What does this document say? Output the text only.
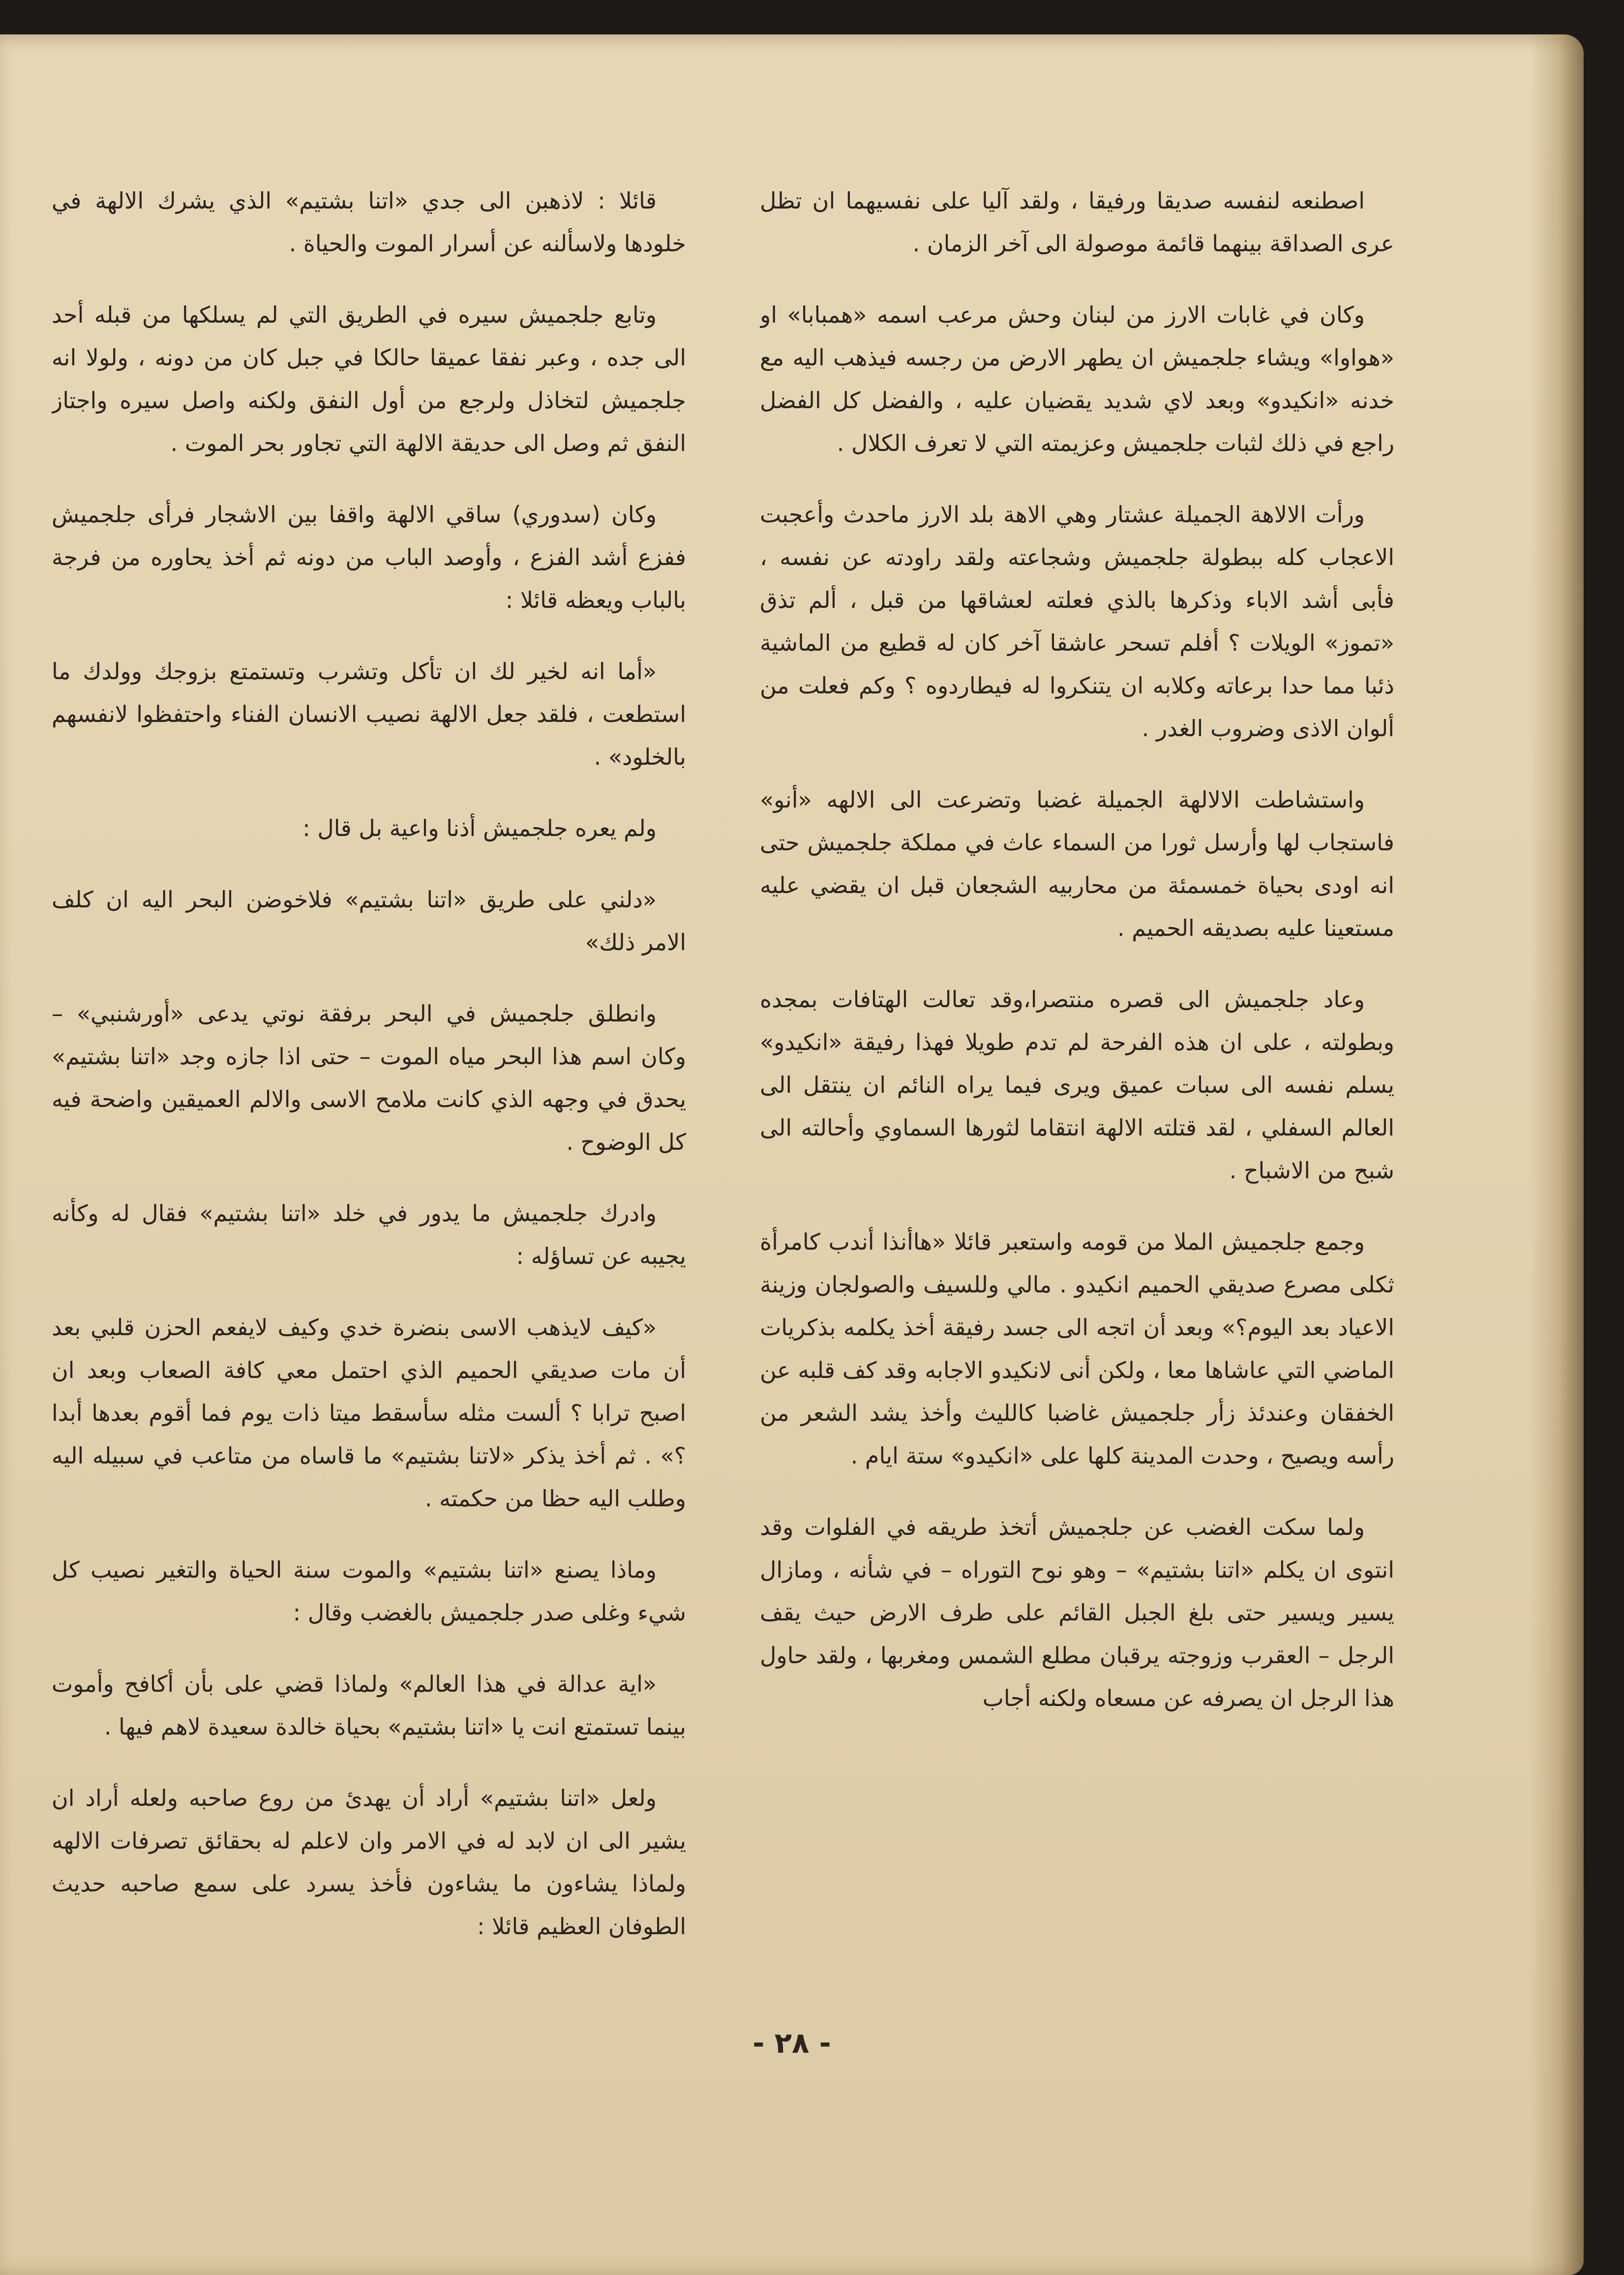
اصطنعه لنفسه صديقا ورفيقا ، ولقد آليا على نفسيهما ان تظل عرى الصداقة بينهما قائمة موصولة الى آخر الزمان .

وكان في غابات الارز من لبنان وحش مرعب اسمه «همبابا» او «هواوا» ويشاء جلجميش ان يطهر الارض من رجسه فيذهب اليه مع خدنه «انكيدو» وبعد لاي شديد يقضيان عليه ، والفضل كل الفضل راجع في ذلك لثبات جلجميش وعزيمته التي لا تعرف الكلال .

ورأت الالاهة الجميلة عشتار وهي الاهة بلد الارز ماحدث وأعجبت الاعجاب كله ببطولة جلجميش وشجاعته ولقد راودته عن نفسه ، فأبى أشد الاباء وذكرها بالذي فعلته لعشاقها من قبل ، ألم تذق «تموز» الويلات ؟ أفلم تسحر عاشقا آخر كان له قطيع من الماشية ذئبا مما حدا برعاته وكلابه ان يتنكروا له فيطاردوه ؟ وكم فعلت من ألوان الاذى وضروب الغدر .

واستشاطت الالالهة الجميلة غضبا وتضرعت الى الالهه «أنو» فاستجاب لها وأرسل ثورا من السماء عاث في مملكة جلجميش حتى انه اودى بحياة خمسمئة من محاربيه الشجعان قبل ان يقضي عليه مستعينا عليه بصديقه الحميم .

وعاد جلجميش الى قصره منتصرا،وقد تعالت الهتافات بمجده وبطولته ، على ان هذه الفرحة لم تدم طويلا فهذا رفيقة «انكيدو» يسلم نفسه الى سبات عميق ويرى فيما يراه النائم ان ينتقل الى العالم السفلي ، لقد قتلته الالهة انتقاما لثورها السماوي وأحالته الى شبح من الاشباح .

وجمع جلجميش الملا من قومه واستعبر قائلا «هاأنذا أندب كامرأة ثكلى مصرع صديقي الحميم انكيدو . مالي وللسيف والصولجان وزينة الاعياد بعد اليوم؟» وبعد أن اتجه الى جسد رفيقة أخذ يكلمه بذكريات الماضي التي عاشاها معا ، ولكن أنى لانكيدو الاجابه وقد كف قلبه عن الخفقان وعندئذ زأر جلجميش غاضبا كالليث وأخذ يشد الشعر من رأسه ويصيح ، وحدت المدينة كلها على «انكيدو» ستة ايام .

ولما سكت الغضب عن جلجميش أتخذ طريقه في الفلوات وقد انتوى ان يكلم «اتنا بشتيم» – وهو نوح التوراه – في شأنه ، ومازال يسير ويسير حتى بلغ الجبل القائم على طرف الارض حيث يقف الرجل – العقرب وزوجته يرقبان مطلع الشمس ومغربها ، ولقد حاول هذا الرجل ان يصرفه عن مسعاه ولكنه أجاب

قائلا : لاذهبن الى جدي «اتنا بشتيم» الذي يشرك الالهة في خلودها ولاسألنه عن أسرار الموت والحياة .

وتابع جلجميش سيره في الطريق التي لم يسلكها من قبله أحد الى جده ، وعبر نفقا عميقا حالكا في جبل كان من دونه ، ولولا انه جلجميش لتخاذل ولرجع من أول النفق ولكنه واصل سيره واجتاز النفق ثم وصل الى حديقة الالهة التي تجاور بحر الموت .

وكان (سدوري) ساقي الالهة واقفا بين الاشجار فرأى جلجميش ففزع أشد الفزع ، وأوصد الباب من دونه ثم أخذ يحاوره من فرجة بالباب ويعظه قائلا :

«أما انه لخير لك ان تأكل وتشرب وتستمتع بزوجك وولدك ما استطعت ، فلقد جعل الالهة نصيب الانسان الفناء واحتفظوا لانفسهم بالخلود» .

ولم يعره جلجميش أذنا واعية بل قال :

«دلني على طريق «اتنا بشتيم» فلاخوضن البحر اليه ان كلف الامر ذلك»

وانطلق جلجميش في البحر برفقة نوتي يدعى «أورشنبي» – وكان اسم هذا البحر مياه الموت – حتى اذا جازه وجد «اتنا بشتيم» يحدق في وجهه الذي كانت ملامح الاسى والالم العميقين واضحة فيه كل الوضوح .

وادرك جلجميش ما يدور في خلد «اتنا بشتيم» فقال له وكأنه يجيبه عن تساؤله :

«كيف لايذهب الاسى بنضرة خدي وكيف لايفعم الحزن قلبي بعد أن مات صديقي الحميم الذي احتمل معي كافة الصعاب وبعد ان اصبح ترابا ؟ ألست مثله سأسقط ميتا ذات يوم فما أقوم بعدها أبدا ؟» . ثم أخذ يذكر «لاتنا بشتيم» ما قاساه من متاعب في سبيله اليه وطلب اليه حظا من حكمته .

وماذا يصنع «اتنا بشتيم» والموت سنة الحياة والتغير نصيب كل شيء وغلى صدر جلجميش بالغضب وقال :

«اية عدالة في هذا العالم» ولماذا قضي على بأن أكافح وأموت بينما تستمتع انت يا «اتنا بشتيم» بحياة خالدة سعيدة لاهم فيها .

ولعل «اتنا بشتيم» أراد أن يهدئ من روع صاحبه ولعله أراد ان يشير الى ان لابد له في الامر وان لاعلم له بحقائق تصرفات الالهه ولماذا يشاءون ما يشاءون فأخذ يسرد على سمع صاحبه حديث الطوفان العظيم قائلا :

- ٢٨ -
